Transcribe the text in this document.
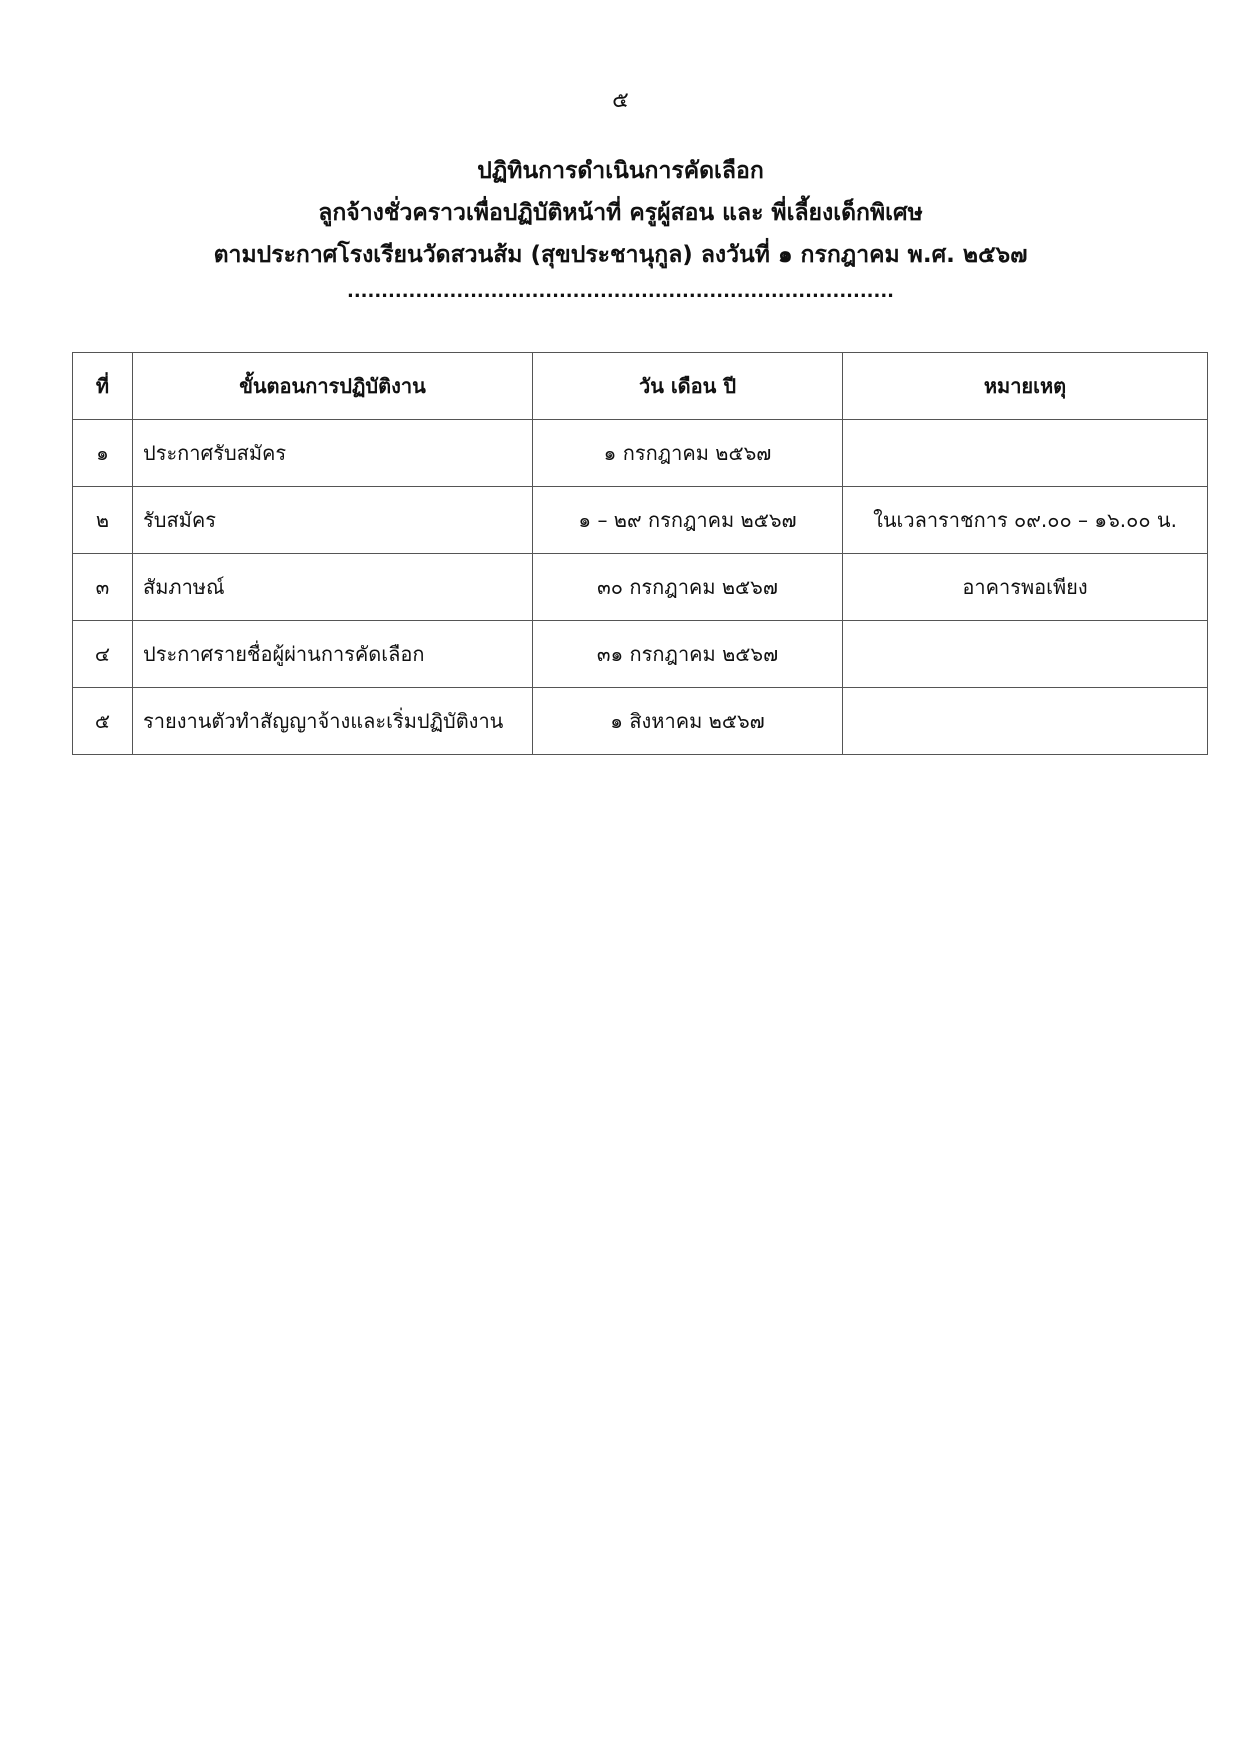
๕
ปฏิทินการดำเนินการคัดเลือก
ลูกจ้างชั่วคราวเพื่อปฏิบัติหน้าที่ ครูผู้สอน และ พี่เลี้ยงเด็กพิเศษ
ตามประกาศโรงเรียนวัดสวนส้ม (สุขประชานุกูล) ลงวันที่ ๑ กรกฎาคม พ.ศ. ๒๕๖๗
................................................................................
ที่	ขั้นตอนการปฏิบัติงาน	วัน เดือน ปี	หมายเหตุ
๑	ประกาศรับสมัคร	๑ กรกฎาคม ๒๕๖๗	
๒	รับสมัคร	๑ – ๒๙ กรกฎาคม ๒๕๖๗	ในเวลาราชการ ๐๙.๐๐ – ๑๖.๐๐ น.
๓	สัมภาษณ์	๓๐ กรกฎาคม ๒๕๖๗	อาคารพอเพียง
๔	ประกาศรายชื่อผู้ผ่านการคัดเลือก	๓๑ กรกฎาคม ๒๕๖๗	
๕	รายงานตัวทำสัญญาจ้างและเริ่มปฏิบัติงาน	๑ สิงหาคม ๒๕๖๗	
